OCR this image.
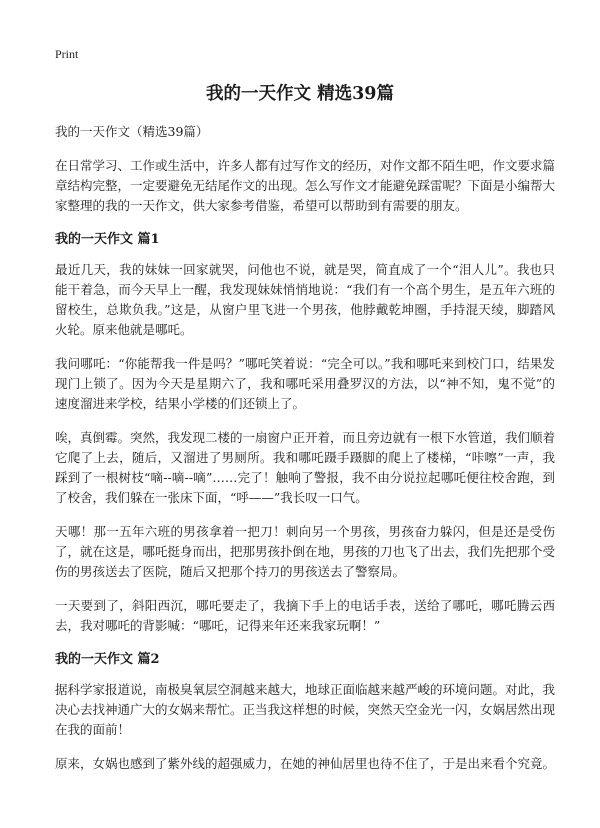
Print
我的一天作文 精选39篇
我的一天作文（精选39篇）

在日常学习、工作或生活中，许多人都有过写作文的经历，对作文都不陌生吧，作文要求篇章结构完整，一定要避免无结尾作文的出现。怎么写作文才能避免踩雷呢？下面是小编帮大家整理的我的一天作文，供大家参考借鉴，希望可以帮助到有需要的朋友。

我的一天作文 篇1

最近几天，我的妹妹一回家就哭，问他也不说，就是哭，简直成了一个“泪人儿”。我也只能干着急，而今天早上一醒，我发现妹妹悄悄地说：“我们有一个高个男生，是五年六班的留校生，总欺负我。”这是，从窗户里飞进一个男孩，他脖戴乾坤圈，手持混天绫，脚踏风火轮。原来他就是哪吒。

我问哪吒：“你能帮我一件是吗？”哪吒笑着说：“完全可以。”我和哪吒来到校门口，结果发现门上锁了。因为今天是星期六了，我和哪吒采用叠罗汉的方法，以“神不知，鬼不觉”的速度溜进来学校，结果小学楼的们还锁上了。

唉，真倒霉。突然，我发现二楼的一扇窗户正开着，而且旁边就有一根下水管道，我们顺着它爬了上去，随后，又溜进了男厕所。我和哪吒蹑手蹑脚的爬上了楼梯，“咔嚓”一声，我踩到了一根树枝“嘀--嘀--嘀”……完了！触响了警报，我不由分说拉起哪吒便往校舍跑，到了校舍，我们躲在一张床下面，“呼——”我长叹一口气。

天哪！那一五年六班的男孩拿着一把刀！刺向另一个男孩，男孩奋力躲闪，但是还是受伤了，就在这是，哪吒挺身而出，把那男孩扑倒在地，男孩的刀也飞了出去，我们先把那个受伤的男孩送去了医院，随后又把那个持刀的男孩送去了警察局。

一天要到了，斜阳西沉，哪吒要走了，我摘下手上的电话手表，送给了哪吒，哪吒腾云西去，我对哪吒的背影喊：“哪吒，记得来年还来我家玩啊！”

我的一天作文 篇2

据科学家报道说，南极臭氧层空洞越来越大，地球正面临越来越严峻的环境问题。对此，我决心去找神通广大的女娲来帮忙。正当我这样想的时候，突然天空金光一闪，女娲居然出现在我的面前！

原来，女娲也感到了紫外线的超强威力，在她的神仙居里也待不住了，于是出来看个究竟。
